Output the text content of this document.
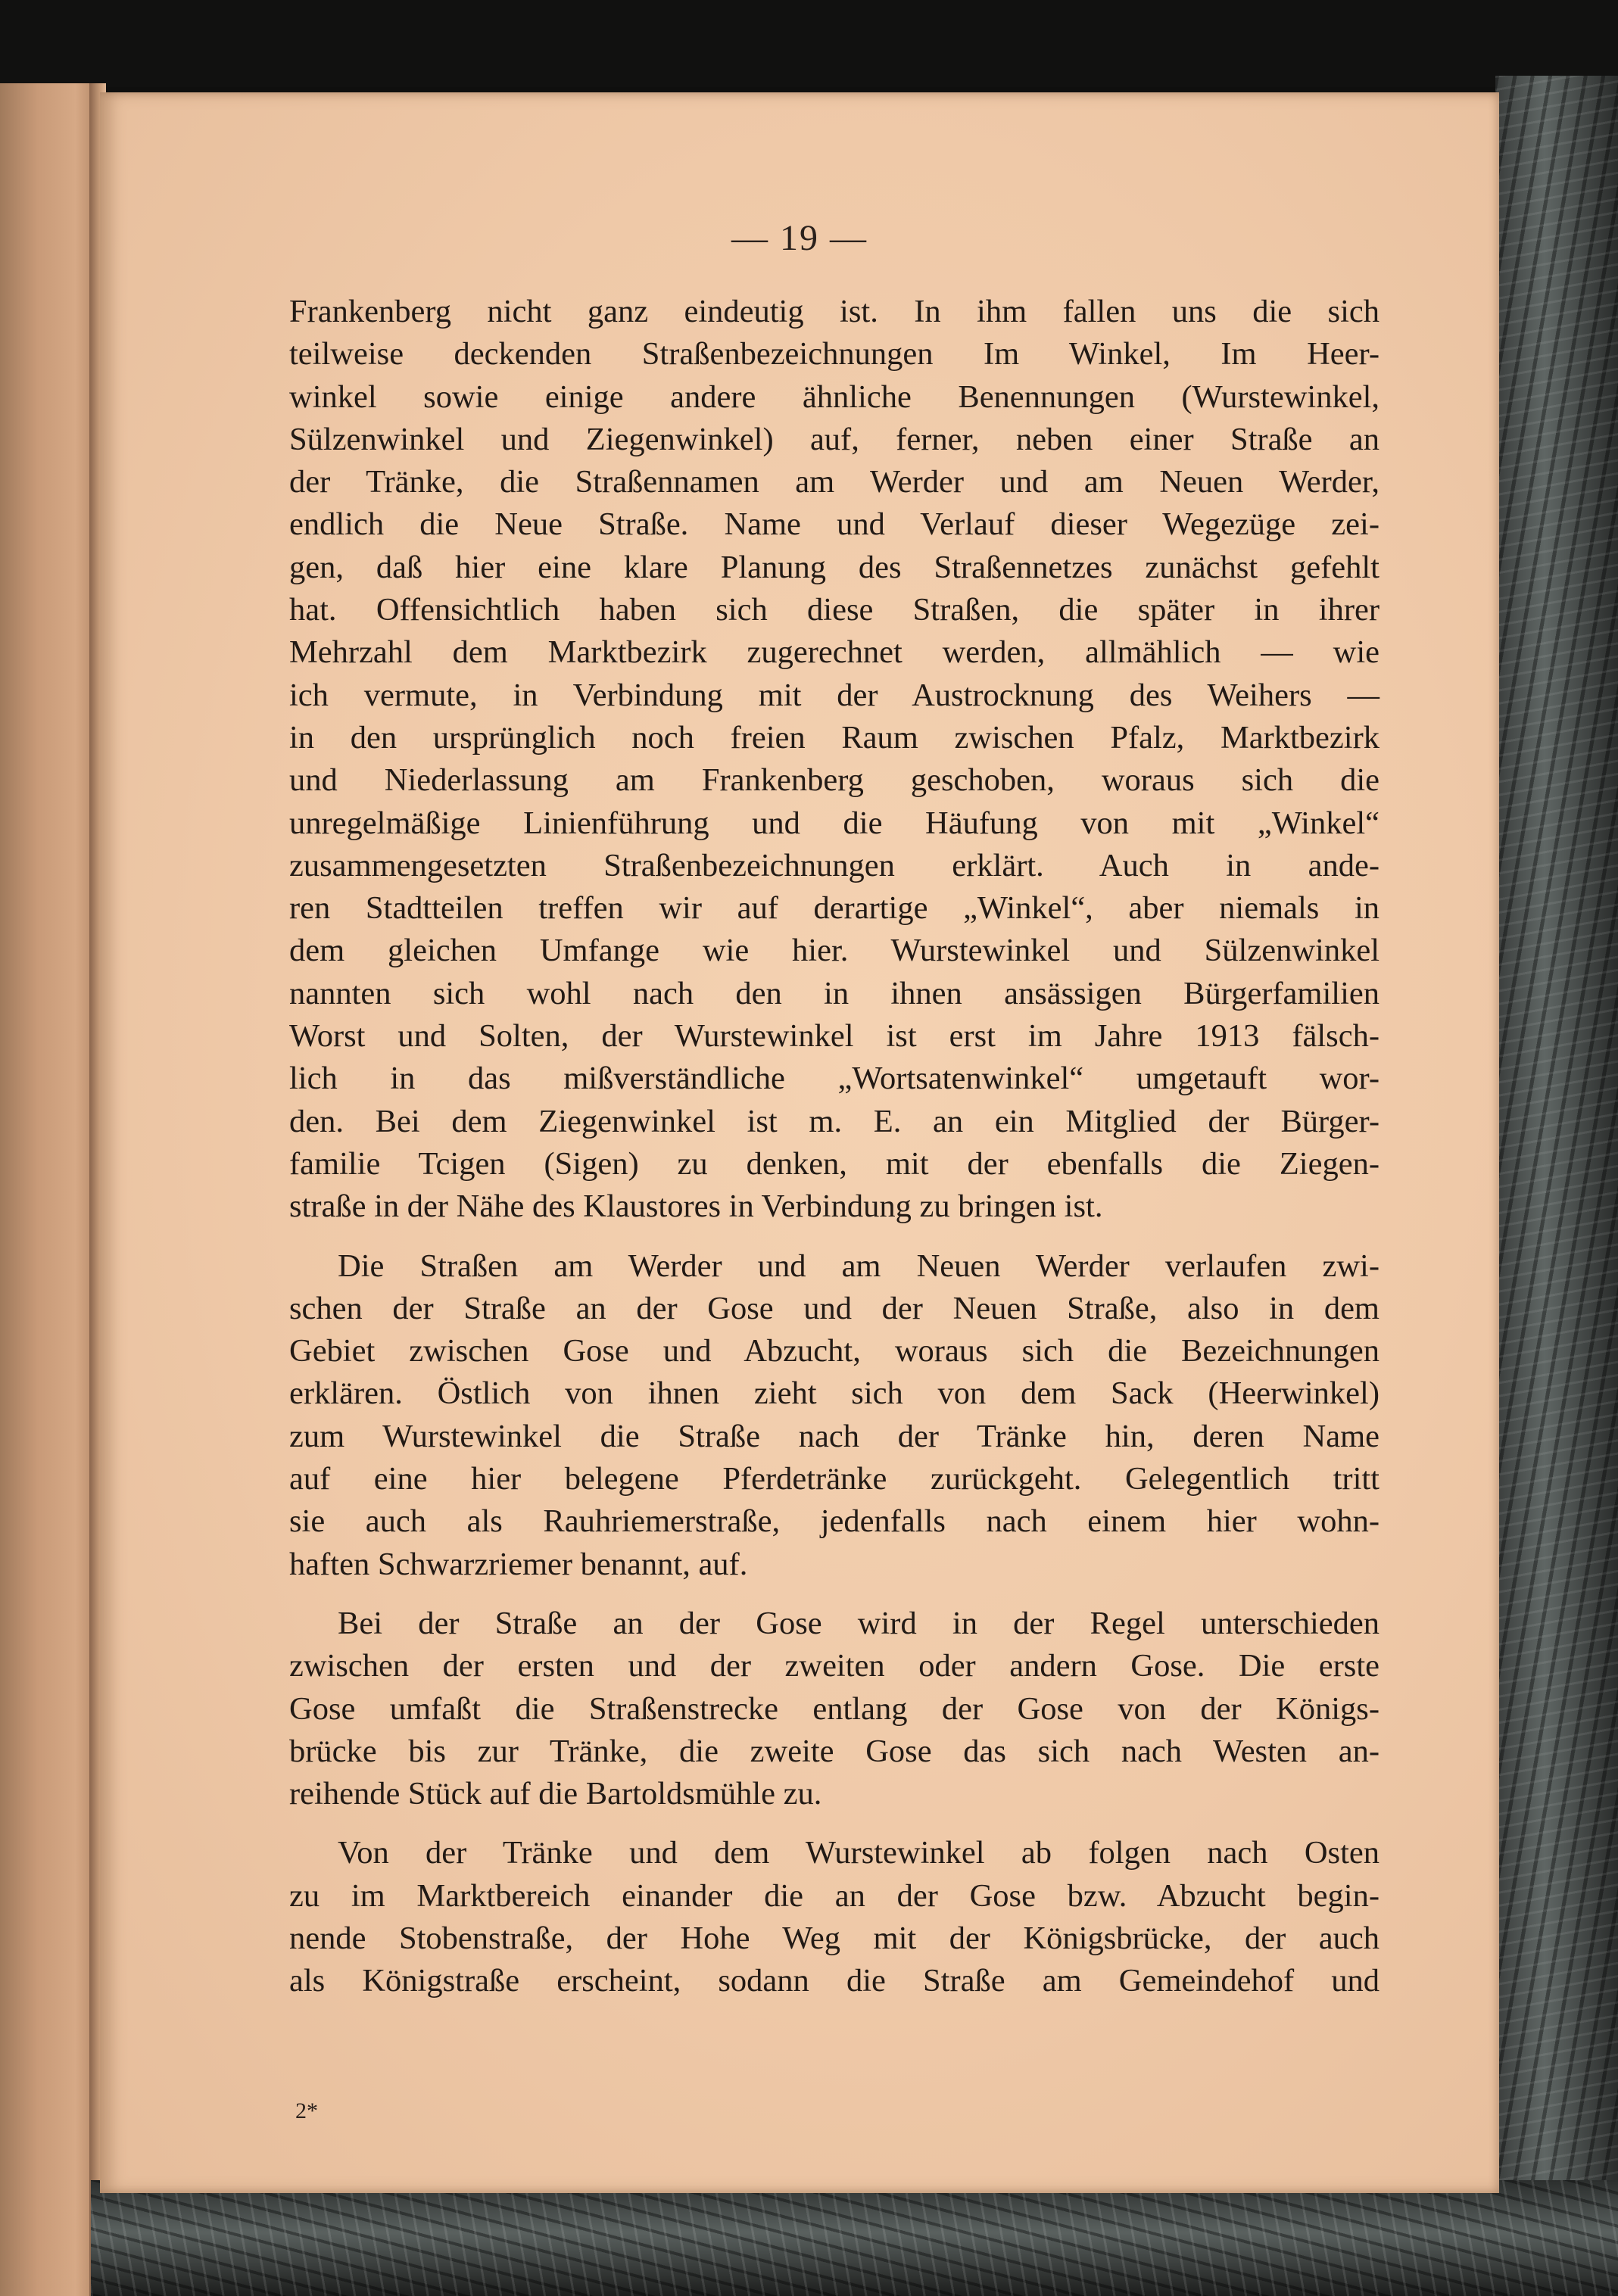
— 19 —

Frankenberg nicht ganz eindeutig ist. In ihm fallen uns die sich
teilweise deckenden Straßenbezeichnungen Im Winkel, Im Heer-
winkel sowie einige andere ähnliche Benennungen (Wurstewinkel,
Sülzenwinkel und Ziegenwinkel) auf, ferner, neben einer Straße an
der Tränke, die Straßennamen am Werder und am Neuen Werder,
endlich die Neue Straße. Name und Verlauf dieser Wegezüge zei-
gen, daß hier eine klare Planung des Straßennetzes zunächst gefehlt
hat. Offensichtlich haben sich diese Straßen, die später in ihrer
Mehrzahl dem Marktbezirk zugerechnet werden, allmählich — wie
ich vermute, in Verbindung mit der Austrocknung des Weihers —
in den ursprünglich noch freien Raum zwischen Pfalz, Marktbezirk
und Niederlassung am Frankenberg geschoben, woraus sich die
unregelmäßige Linienführung und die Häufung von mit „Winkel“
zusammengesetzten Straßenbezeichnungen erklärt. Auch in ande-
ren Stadtteilen treffen wir auf derartige „Winkel“, aber niemals in
dem gleichen Umfange wie hier. Wurstewinkel und Sülzenwinkel
nannten sich wohl nach den in ihnen ansässigen Bürgerfamilien
Worst und Solten, der Wurstewinkel ist erst im Jahre 1913 fälsch-
lich in das mißverständliche „Wortsatenwinkel“ umgetauft wor-
den. Bei dem Ziegenwinkel ist m. E. an ein Mitglied der Bürger-
familie Tcigen (Sigen) zu denken, mit der ebenfalls die Ziegen-
straße in der Nähe des Klaustores in Verbindung zu bringen ist.

Die Straßen am Werder und am Neuen Werder verlaufen zwi-
schen der Straße an der Gose und der Neuen Straße, also in dem
Gebiet zwischen Gose und Abzucht, woraus sich die Bezeichnungen
erklären. Östlich von ihnen zieht sich von dem Sack (Heerwinkel)
zum Wurstewinkel die Straße nach der Tränke hin, deren Name
auf eine hier belegene Pferdetränke zurückgeht. Gelegentlich tritt
sie auch als Rauhriemerstraße, jedenfalls nach einem hier wohn-
haften Schwarzriemer benannt, auf.

Bei der Straße an der Gose wird in der Regel unterschieden
zwischen der ersten und der zweiten oder andern Gose. Die erste
Gose umfaßt die Straßenstrecke entlang der Gose von der Königs-
brücke bis zur Tränke, die zweite Gose das sich nach Westen an-
reihende Stück auf die Bartoldsmühle zu.

Von der Tränke und dem Wurstewinkel ab folgen nach Osten
zu im Marktbereich einander die an der Gose bzw. Abzucht begin-
nende Stobenstraße, der Hohe Weg mit der Königsbrücke, der auch
als Königstraße erscheint, sodann die Straße am Gemeindehof und

2*
